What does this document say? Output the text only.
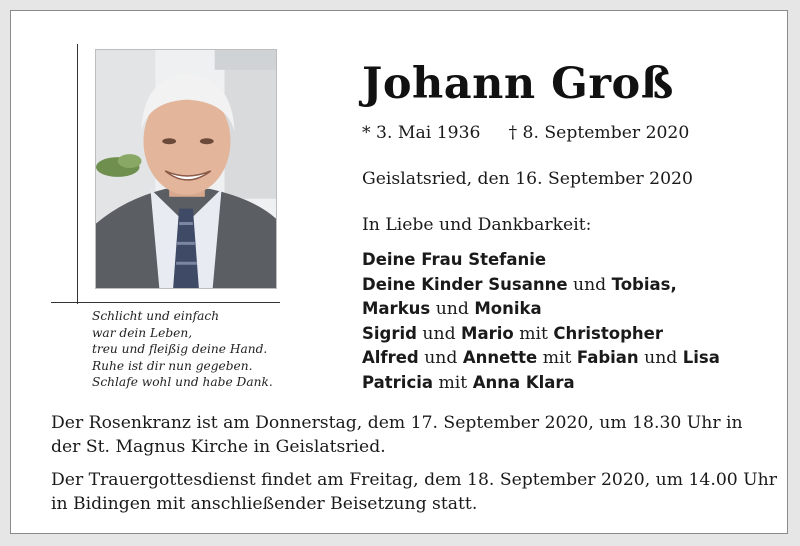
Schlicht und einfach
war dein Leben,
treu und fleißig deine Hand.
Ruhe ist dir nun gegeben.
Schlafe wohl und habe Dank.
Johann Groß
* 3. Mai 1936 † 8. September 2020
Geislatsried, den 16. September 2020
In Liebe und Dankbarkeit:
Deine Frau Stefanie
Deine Kinder Susanne und Tobias,
Markus und Monika
Sigrid und Mario mit Christopher
Alfred und Annette mit Fabian und Lisa
Patricia mit Anna Klara

Der Rosenkranz ist am Donnerstag, dem 17. September 2020, um 18.30 Uhr in
der St. Magnus Kirche in Geislatsried.

Der Trauergottesdienst findet am Freitag, dem 18. September 2020, um 14.00 Uhr
in Bidingen mit anschließender Beisetzung statt.
